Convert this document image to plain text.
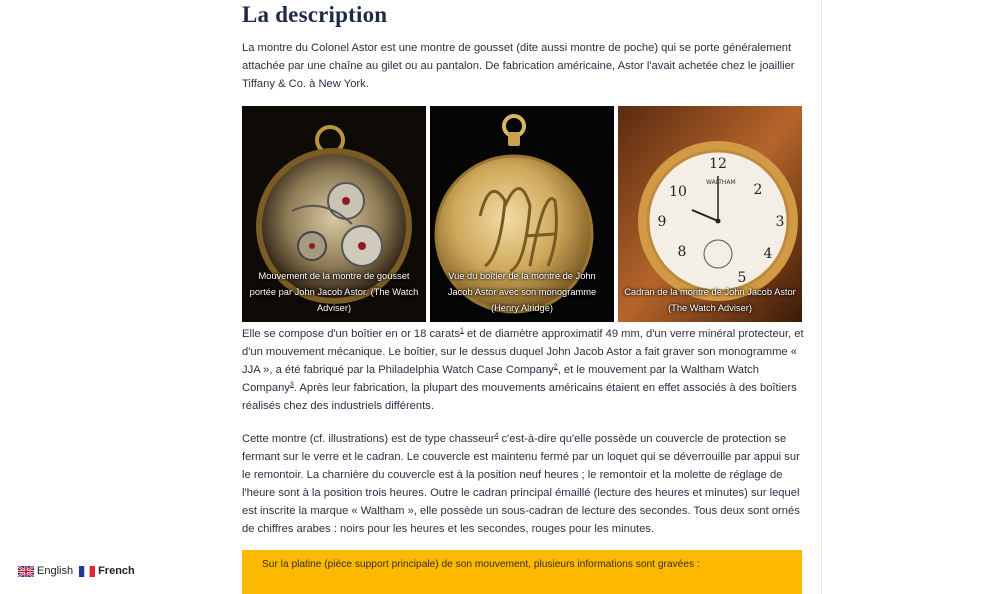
La description

La montre du Colonel Astor est une montre de gousset (dite aussi montre de poche) qui se porte généralement attachée par une chaîne au gilet ou au pantalon. De fabrication américaine, Astor l'avait achetée chez le joaillier Tiffany & Co. à New York.

Mouvement de la montre de gousset portée par John Jacob Astor. (The Watch Adviser)
Vue du boîtier de la montre de John Jacob Astor avec son monogramme (Henry Alridge)
WALTHAM
12
3
9
10
8
2
4
5
Cadran de la montre de John Jacob Astor (The Watch Adviser)

Elle se compose d'un boîtier en or 18 carats$^1$ et de diamètre approximatif 49 mm, d'un verre minéral protecteur, et d'un mouvement mécanique. Le boîtier, sur le dessus duquel John Jacob Astor a fait graver son monogramme « JJA », a été fabriqué par la Philadelphia Watch Case Company$^2$, et le mouvement par la Waltham Watch Company$^3$. Après leur fabrication, la plupart des mouvements américains étaient en effet associés à des boîtiers réalisés chez des industriels différents.

Cette montre (cf. illustrations) est de type chasseur$^4$ c'est-à-dire qu'elle possède un couvercle de protection se fermant sur le verre et le cadran. Le couvercle est maintenu fermé par un loquet qui se déverrouille par appui sur le remontoir. La charnière du couvercle est à la position neuf heures ; le remontoir et la molette de réglage de l'heure sont à la position trois heures. Outre le cadran principal émaillé (lecture des heures et minutes) sur lequel est inscrite la marque « Waltham », elle possède un sous-cadran de lecture des secondes. Tous deux sont ornés de chiffres arabes : noirs pour les heures et les secondes, rouges pour les minutes.

Sur la platine (pièce support principale) de son mouvement, plusieurs informations sont gravées :
English French
